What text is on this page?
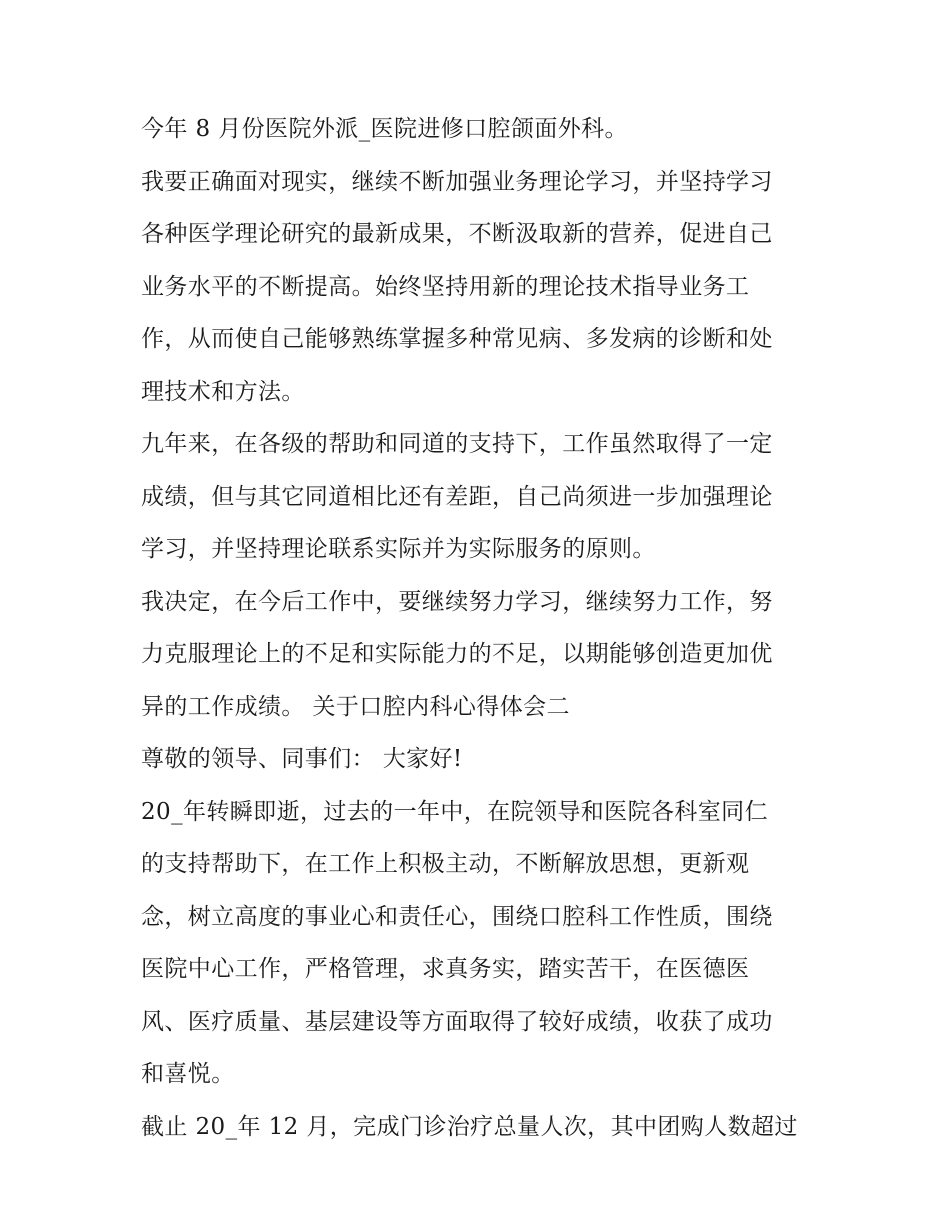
今年 8 月份医院外派_医院进修口腔颌面外科。
我要正确面对现实，继续不断加强业务理论学习，并坚持学习
各种医学理论研究的最新成果，不断汲取新的营养，促进自己
业务水平的不断提高。始终坚持用新的理论技术指导业务工
作，从而使自己能够熟练掌握多种常见病、多发病的诊断和处
理技术和方法。
九年来，在各级的帮助和同道的支持下，工作虽然取得了一定
成绩，但与其它同道相比还有差距，自己尚须进一步加强理论
学习，并坚持理论联系实际并为实际服务的原则。
我决定，在今后工作中，要继续努力学习，继续努力工作，努
力克服理论上的不足和实际能力的不足，以期能够创造更加优
异的工作成绩。 关于口腔内科心得体会二
尊敬的领导、同事们： 大家好!
20_年转瞬即逝，过去的一年中，在院领导和医院各科室同仁
的支持帮助下，在工作上积极主动，不断解放思想，更新观
念，树立高度的事业心和责任心，围绕口腔科工作性质，围绕
医院中心工作，严格管理，求真务实，踏实苦干，在医德医
风、医疗质量、基层建设等方面取得了较好成绩，收获了成功
和喜悦。
截止 20_年 12 月，完成门诊治疗总量人次，其中团购人数超过
